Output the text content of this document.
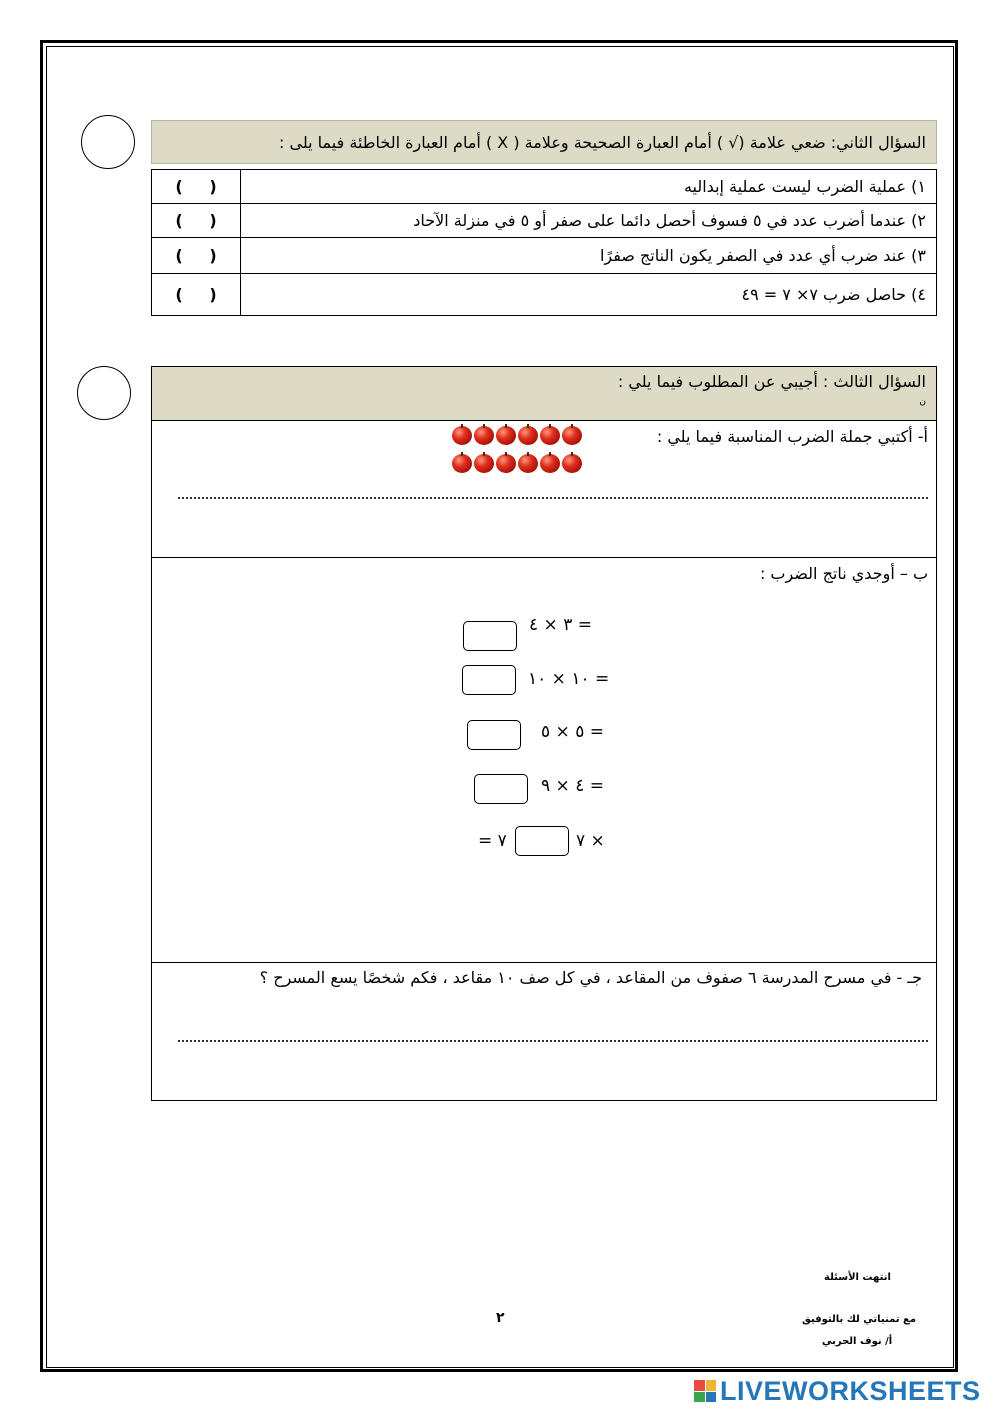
السؤال الثاني: ضعي علامة (√ ) أمام العبارة الصحيحة وعلامة ( X ) أمام العبارة الخاطئة فيما يلى :
١) عملية الضرب ليست عملية إبداليه	()
٢) عندما أضرب عدد في ٥ فسوف أحصل دائما على صفر أو ٥ في منزلة الآحاد	()
٣) عند ضرب أي عدد في الصفر يكون الناتج صفرًا	()
٤) حاصل ضرب ٧× ٧ = ٤٩	()
السؤال الثالث : أجيبي عن المطلوب فيما يلي :
ن
أ- أكتبي جملة الضرب المناسبة فيما يلي :
ب – أوجدي ناتج الضرب :
٣ × ٤ =
١٠ × ١٠ =
٥ × ٥ =
٤ × ٩ =
= ٧	٧ ×
جـ - في مسرح المدرسة ٦ صفوف من المقاعد ، في كل صف ١٠ مقاعد ، فكم شخصًا يسع المسرح ؟
انتهت الأسئلة
٢	مع تمنياتي لك بالتوفيق
أ/ نوف الحربي
LIVEWORKSHEETS
